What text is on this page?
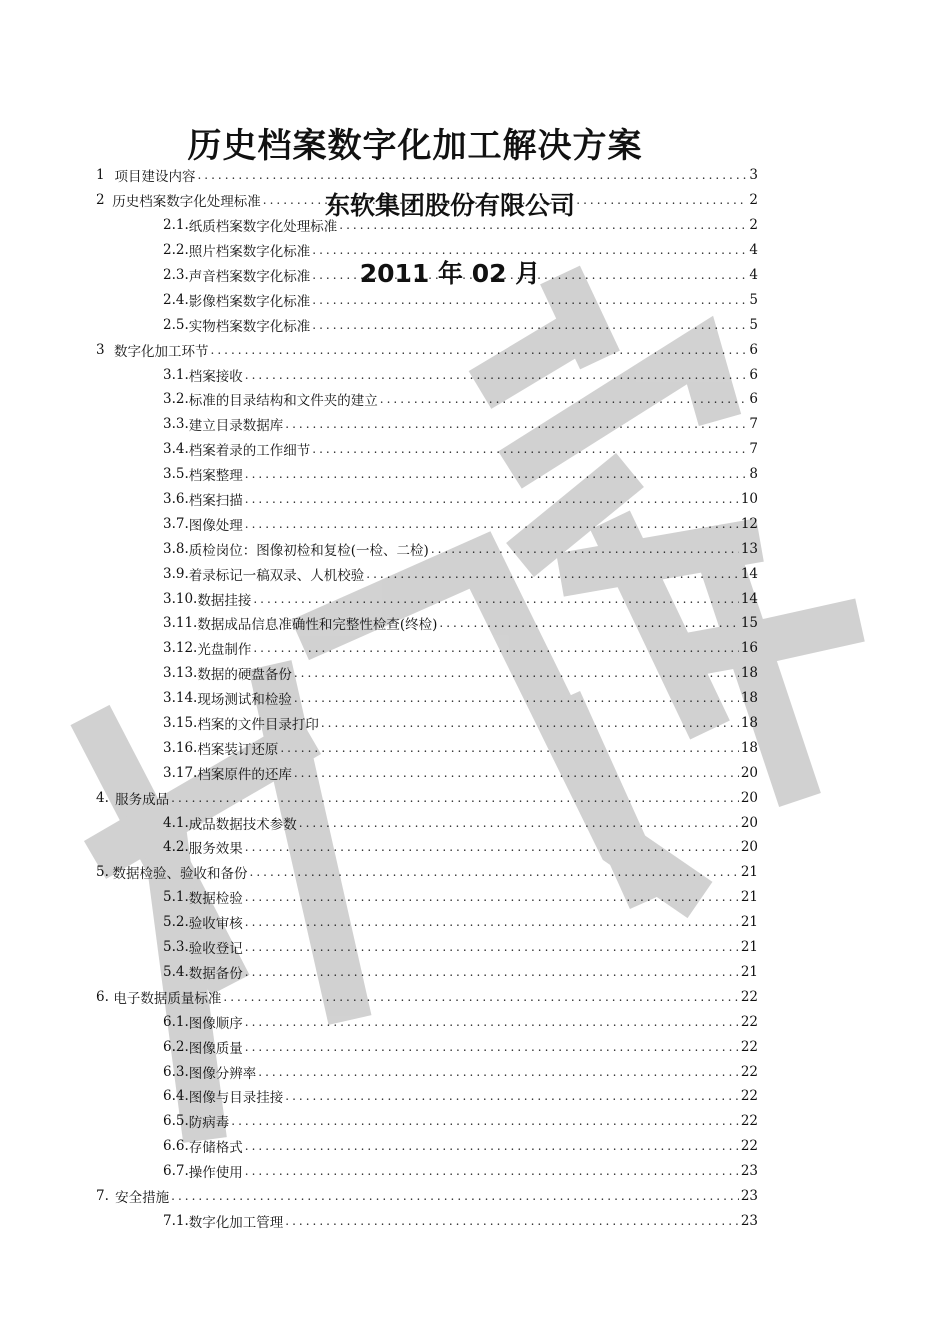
历史档案数字化加工解决方案
东软集团股份有限公司
2011 年 02 月
1 项目建设内容 .....	3
2 历史档案数字化处理标准 .....	2
2.1. 纸质档案数字化处理标准 .....	2
2.2. 照片档案数字化标准 .....	4
2.3. 声音档案数字化标准 .....	4
2.4. 影像档案数字化标准 .....	5
2.5. 实物档案数字化标准 .....	5
3 数字化加工环节 .....	6
3.1. 档案接收 .....	6
3.2. 标准的目录结构和文件夹的建立 .....	6
3.3. 建立目录数据库 .....	7
3.4. 档案着录的工作细节 .....	7
3.5. 档案整理 .....	8
3.6. 档案扫描 .....	10
3.7. 图像处理 .....	12
3.8. 质检岗位：图像初检和复检(一检、二检) .....	13
3.9. 着录标记一稿双录、人机校验 .....	14
3.10. 数据挂接 .....	14
3.11. 数据成品信息准确性和完整性检查(终检) .....	15
3.12. 光盘制作 .....	16
3.13. 数据的硬盘备份 .....	18
3.14. 现场测试和检验 .....	18
3.15. 档案的文件目录打印 .....	18
3.16. 档案装订还原 .....	18
3.17. 档案原件的还库 .....	20
4. 服务成品 .....	20
4.1. 成品数据技术参数 .....	20
4.2. 服务效果 .....	20
5. 数据检验、验收和备份 .....	21
5.1. 数据检验 .....	21
5.2. 验收审核 .....	21
5.3. 验收登记 .....	21
5.4. 数据备份 .....	21
6. 电子数据质量标准 .....	22
6.1. 图像顺序 .....	22
6.2. 图像质量 .....	22
6.3. 图像分辨率 .....	22
6.4. 图像与目录挂接 .....	22
6.5. 防病毒 .....	22
6.6. 存储格式 .....	22
6.7. 操作使用 .....	23
7. 安全措施 .....	23
7.1. 数字化加工管理 .....	23
